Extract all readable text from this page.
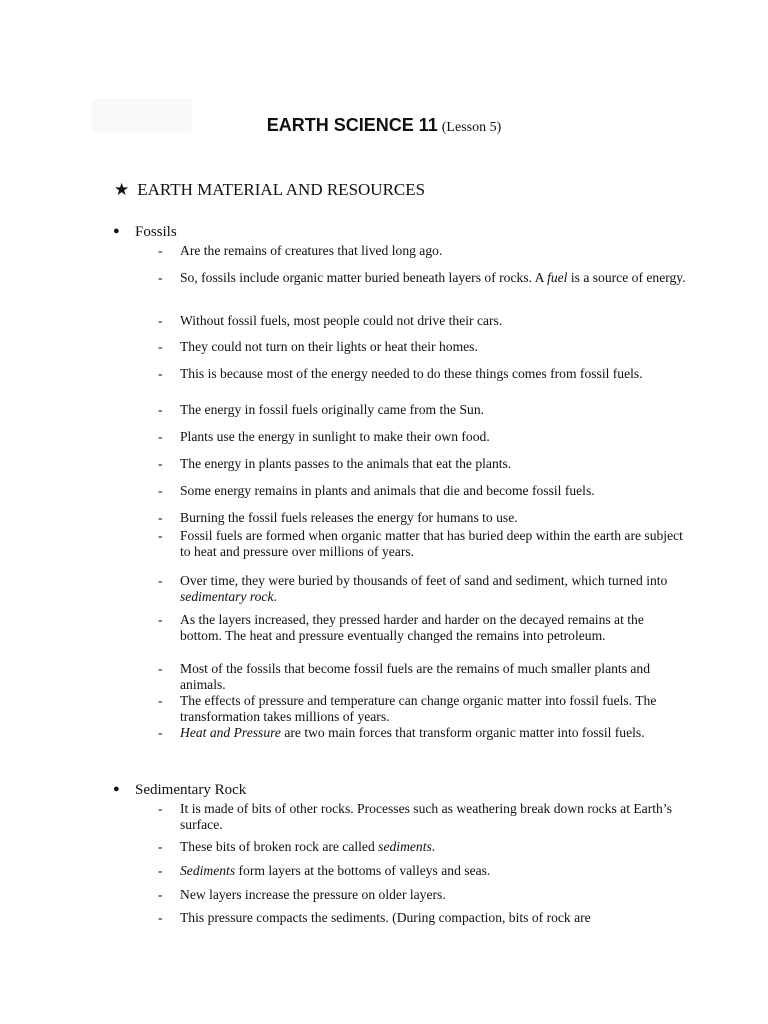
EARTH SCIENCE 11 (Lesson 5)
★ EARTH MATERIAL AND RESOURCES
● Fossils
- Are the remains of creatures that lived long ago.
- So, fossils include organic matter buried beneath layers of rocks. A fuel is a source of energy.
- Without fossil fuels, most people could not drive their cars.
- They could not turn on their lights or heat their homes.
- This is because most of the energy needed to do these things comes from fossil fuels.
- The energy in fossil fuels originally came from the Sun.
- Plants use the energy in sunlight to make their own food.
- The energy in plants passes to the animals that eat the plants.
- Some energy remains in plants and animals that die and become fossil fuels.
- Burning the fossil fuels releases the energy for humans to use.
- Fossil fuels are formed when organic matter that has buried deep within the earth are subject to heat and pressure over millions of years.
- Over time, they were buried by thousands of feet of sand and sediment, which turned into sedimentary rock.
- As the layers increased, they pressed harder and harder on the decayed remains at the bottom. The heat and pressure eventually changed the remains into petroleum.
- Most of the fossils that become fossil fuels are the remains of much smaller plants and animals.
- The effects of pressure and temperature can change organic matter into fossil fuels. The transformation takes millions of years.
- Heat and Pressure are two main forces that transform organic matter into fossil fuels.
● Sedimentary Rock
- It is made of bits of other rocks. Processes such as weathering break down rocks at Earth’s surface.
- These bits of broken rock are called sediments.
- Sediments form layers at the bottoms of valleys and seas.
- New layers increase the pressure on older layers.
- This pressure compacts the sediments. (During compaction, bits of rock are
